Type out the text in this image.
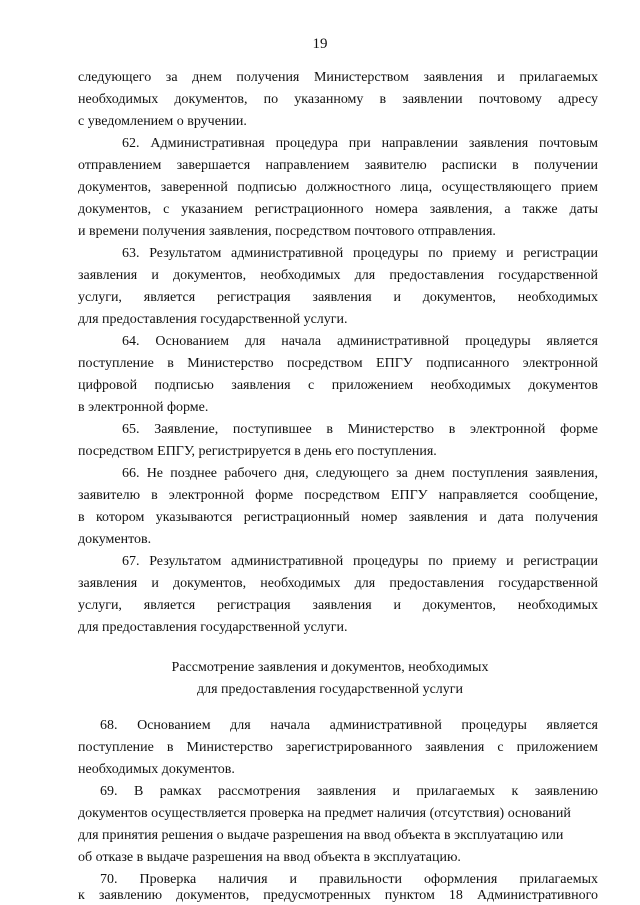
19
следующего за днем получения Министерством заявления и прилагаемых
необходимых документов, по указанному в заявлении почтовому адресу
с уведомлением о вручении.
62. Административная процедура при направлении заявления почтовым
отправлением завершается направлением заявителю расписки в получении
документов, заверенной подписью должностного лица, осуществляющего прием
документов, с указанием регистрационного номера заявления, а также даты
и времени получения заявления, посредством почтового отправления.
63. Результатом административной процедуры по приему и регистрации
заявления и документов, необходимых для предоставления государственной
услуги, является регистрация заявления и документов, необходимых
для предоставления государственной услуги.
64. Основанием для начала административной процедуры является
поступление в Министерство посредством ЕПГУ подписанного электронной
цифровой подписью заявления с приложением необходимых документов
в электронной форме.
65. Заявление, поступившее в Министерство в электронной форме
посредством ЕПГУ, регистрируется в день его поступления.
66. Не позднее рабочего дня, следующего за днем поступления заявления,
заявителю в электронной форме посредством ЕПГУ направляется сообщение,
в котором указываются регистрационный номер заявления и дата получения
документов.
67. Результатом административной процедуры по приему и регистрации
заявления и документов, необходимых для предоставления государственной
услуги, является регистрация заявления и документов, необходимых
для предоставления государственной услуги.
Рассмотрение заявления и документов, необходимых
для предоставления государственной услуги
68. Основанием для начала административной процедуры является
поступление в Министерство зарегистрированного заявления с приложением
необходимых документов.
69. В рамках рассмотрения заявления и прилагаемых к заявлению
документов осуществляется проверка на предмет наличия (отсутствия) оснований
для принятия решения о выдаче разрешения на ввод объекта в эксплуатацию или
об отказе в выдаче разрешения на ввод объекта в эксплуатацию.
70. Проверка наличия и правильности оформления прилагаемых
к заявлению документов, предусмотренных пунктом 18 Административного
